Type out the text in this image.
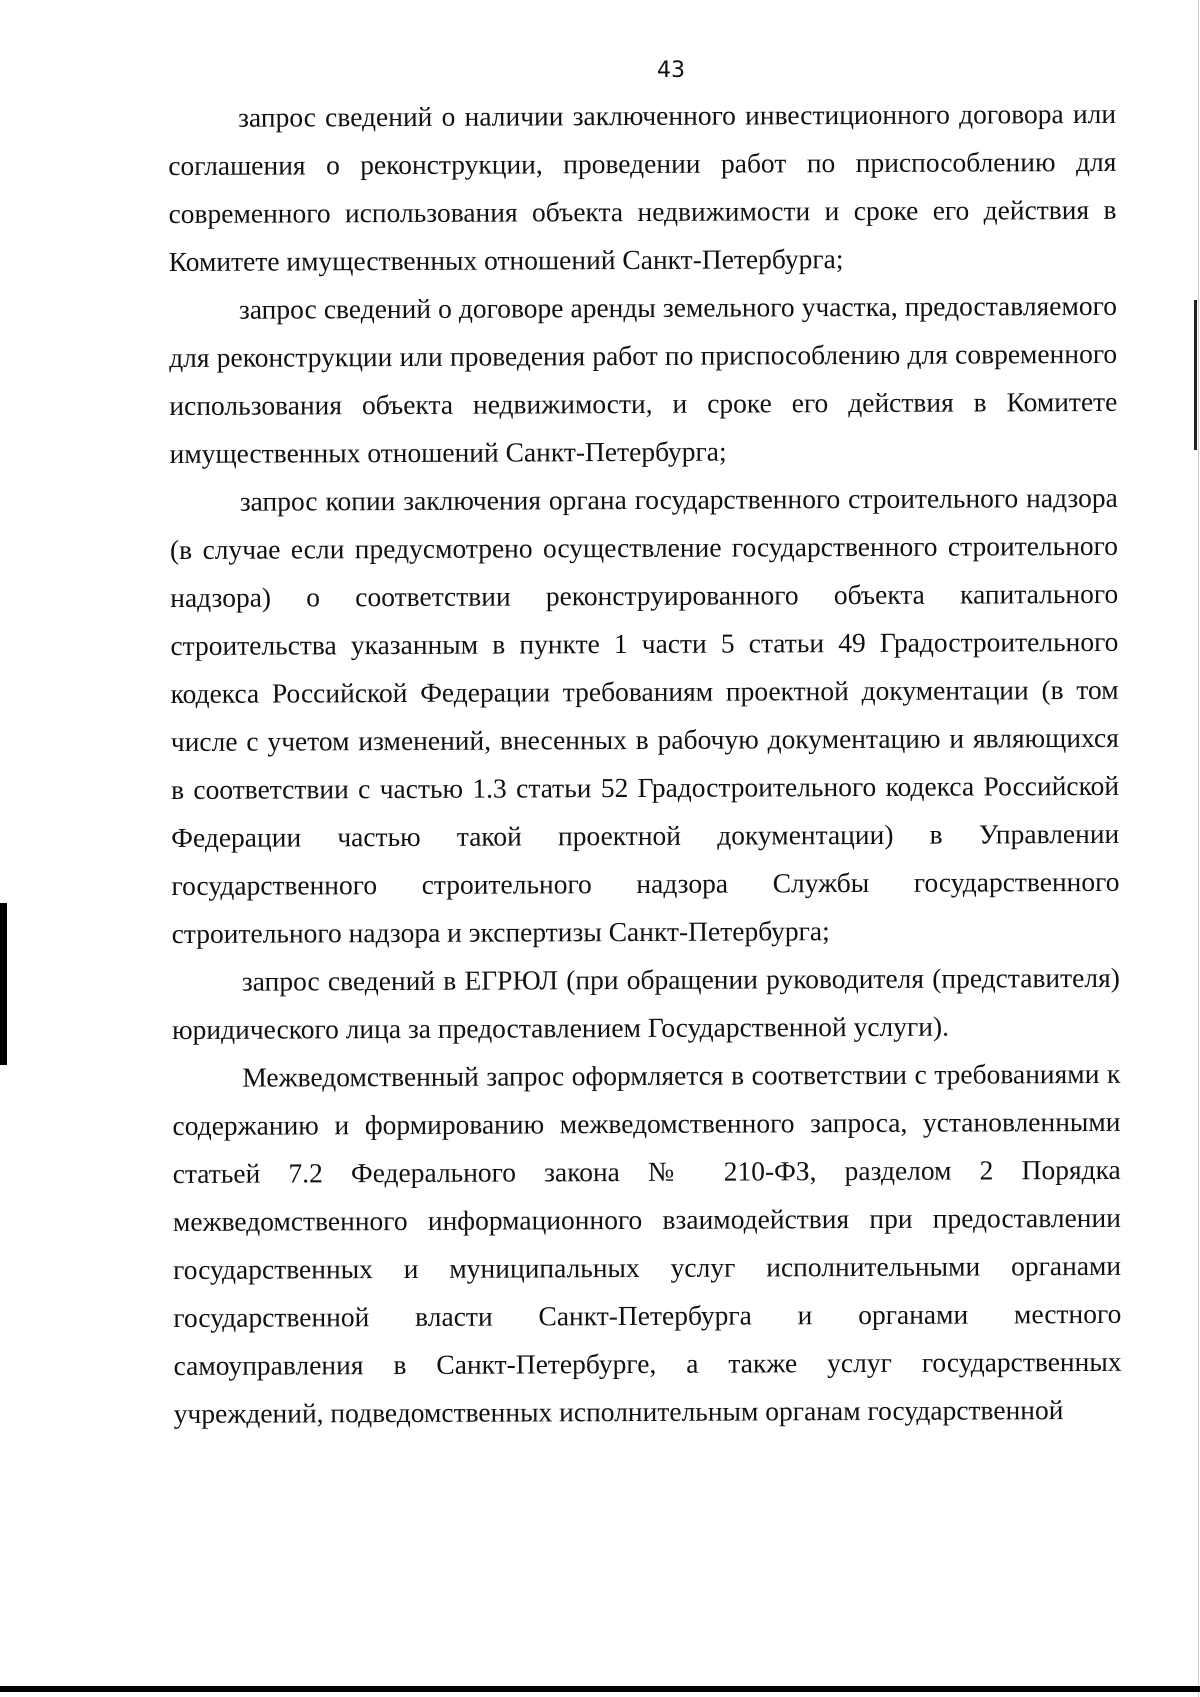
43

запрос сведений о наличии заключенного инвестиционного договора или соглашения о реконструкции, проведении работ по приспособлению для современного использования объекта недвижимости и сроке его действия в Комитете имущественных отношений Санкт-Петербурга;

запрос сведений о договоре аренды земельного участка, предоставляемого для реконструкции или проведения работ по приспособлению для современного использования объекта недвижимости, и сроке его действия в Комитете имущественных отношений Санкт-Петербурга;

запрос копии заключения органа государственного строительного надзора (в случае если предусмотрено осуществление государственного строительного надзора) о соответствии реконструированного объекта капитального строительства указанным в пункте 1 части 5 статьи 49 Градостроительного кодекса Российской Федерации требованиям проектной документации (в том числе с учетом изменений, внесенных в рабочую документацию и являющихся в соответствии с частью 1.3 статьи 52 Градостроительного кодекса Российской Федерации частью такой проектной документации) в Управлении государственного строительного надзора Службы государственного строительного надзора и экспертизы Санкт-Петербурга;

запрос сведений в ЕГРЮЛ (при обращении руководителя (представителя) юридического лица за предоставлением Государственной услуги).

Межведомственный запрос оформляется в соответствии с требованиями к содержанию и формированию межведомственного запроса, установленными статьей 7.2 Федерального закона № 210-ФЗ, разделом 2 Порядка межведомственного информационного взаимодействия при предоставлении государственных и муниципальных услуг исполнительными органами государственной власти Санкт-Петербурга и органами местного самоуправления в Санкт-Петербурге, а также услуг государственных учреждений, подведомственных исполнительным органам государственной
